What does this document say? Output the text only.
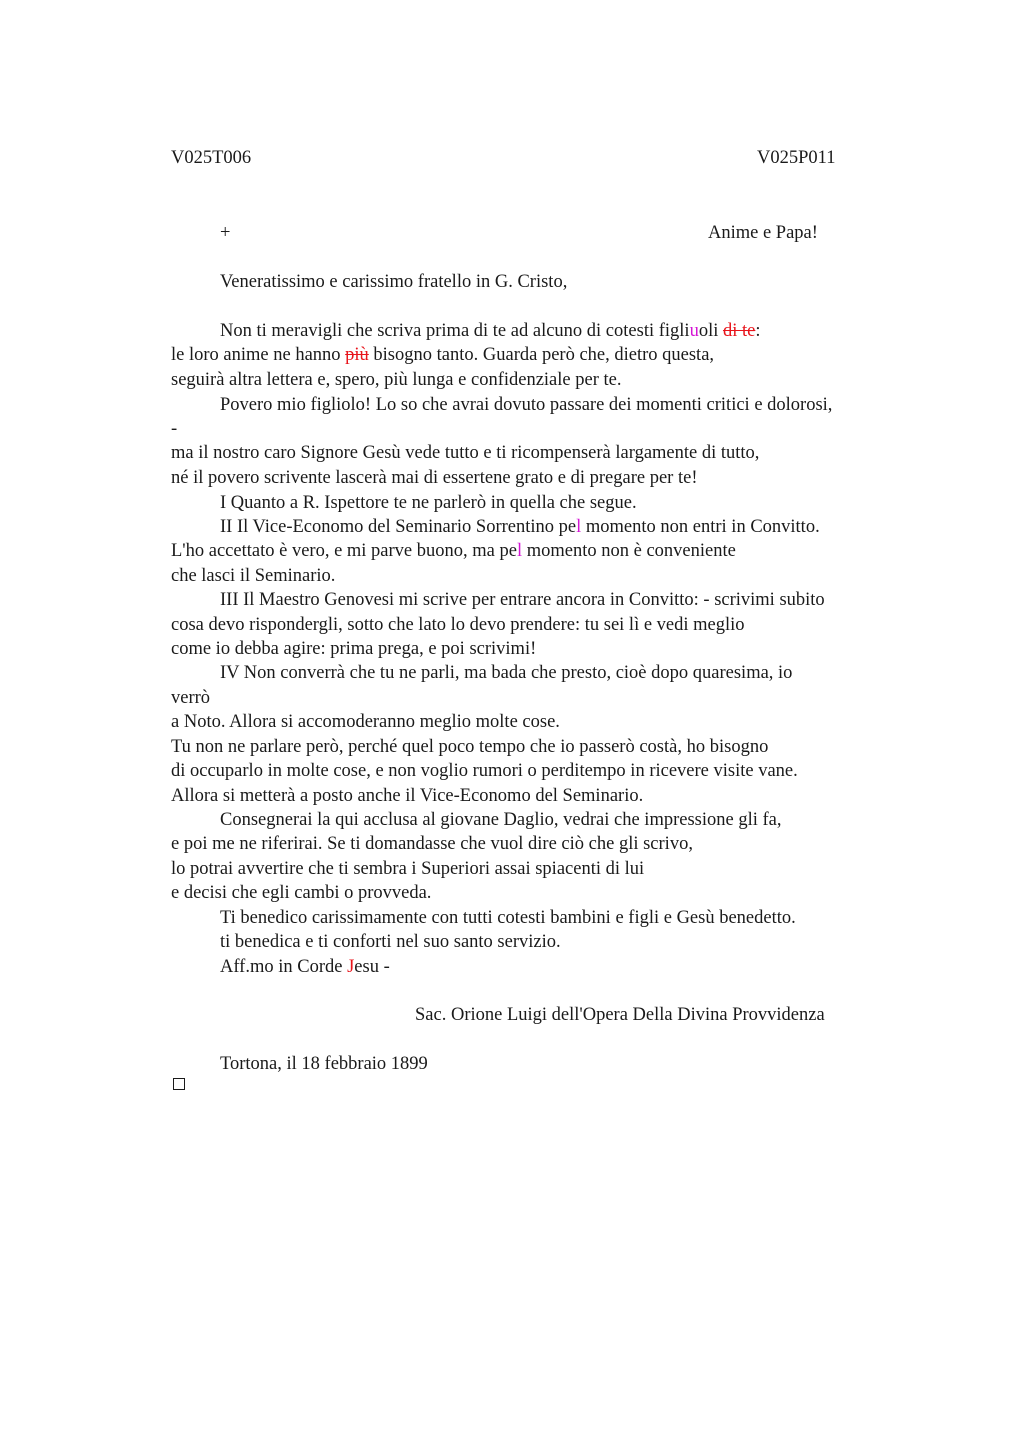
V025T006	V025P011
+	Anime e Papa!
Veneratissimo e carissimo fratello in G. Cristo,
Non ti meravigli che scriva prima di te ad alcuno di cotesti figliuoli di te:
le loro anime ne hanno più bisogno tanto. Guarda però che, dietro questa,
seguirà altra lettera e, spero, più lunga e confidenziale per te.
Povero mio figliolo! Lo so che avrai dovuto passare dei momenti critici e dolorosi,
-
ma il nostro caro Signore Gesù vede tutto e ti ricompenserà largamente di tutto,
né il povero scrivente lascerà mai di essertene grato e di pregare per te!
I Quanto a R. Ispettore te ne parlerò in quella che segue.
II Il Vice-Economo del Seminario Sorrentino pel momento non entri in Convitto.
L'ho accettato è vero, e mi parve buono, ma pel momento non è conveniente
che lasci il Seminario.
III Il Maestro Genovesi mi scrive per entrare ancora in Convitto: - scrivimi subito
cosa devo rispondergli, sotto che lato lo devo prendere: tu sei lì e vedi meglio
come io debba agire: prima prega, e poi scrivimi!
IV Non converrà che tu ne parli, ma bada che presto, cioè dopo quaresima, io
verrò
a Noto. Allora si accomoderanno meglio molte cose.
Tu non ne parlare però, perché quel poco tempo che io passerò costà, ho bisogno
di occuparlo in molte cose, e non voglio rumori o perditempo in ricevere visite vane.
Allora si metterà a posto anche il Vice-Economo del Seminario.
Consegnerai la qui acclusa al giovane Daglio, vedrai che impressione gli fa,
e poi me ne riferirai. Se ti domandasse che vuol dire ciò che gli scrivo,
lo potrai avvertire che ti sembra i Superiori assai spiacenti di lui
e decisi che egli cambi o provveda.
Ti benedico carissimamente con tutti cotesti bambini e figli e Gesù benedetto.
ti benedica e ti conforti nel suo santo servizio.
Aff.mo in Corde Jesu -
Sac. Orione Luigi dell'Opera Della Divina Provvidenza
Tortona, il 18 febbraio 1899
